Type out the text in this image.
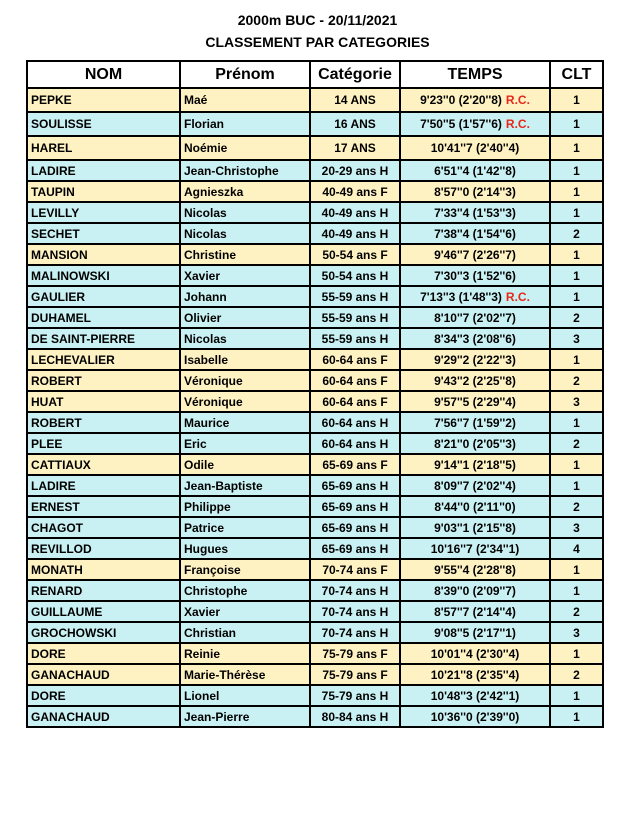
2000m BUC - 20/11/2021
CLASSEMENT PAR CATEGORIES
NOM	Prénom	Catégorie	TEMPS	CLT
PEPKE	Maé	14 ANS	9'23''0 (2'20''8) R.C.	1
SOULISSE	Florian	16 ANS	7'50''5 (1'57''6) R.C.	1
HAREL	Noémie	17 ANS	10'41''7 (2'40''4)	1
LADIRE	Jean-Christophe	20-29 ans H	6'51''4 (1'42''8)	1
TAUPIN	Agnieszka	40-49 ans F	8'57''0 (2'14''3)	1
LEVILLY	Nicolas	40-49 ans H	7'33''4 (1'53''3)	1
SECHET	Nicolas	40-49 ans H	7'38''4 (1'54''6)	2
MANSION	Christine	50-54 ans F	9'46''7 (2'26''7)	1
MALINOWSKI	Xavier	50-54 ans H	7'30''3 (1'52''6)	1
GAULIER	Johann	55-59 ans H	7'13''3 (1'48''3) R.C.	1
DUHAMEL	Olivier	55-59 ans H	8'10''7 (2'02''7)	2
DE SAINT-PIERRE	Nicolas	55-59 ans H	8'34''3 (2'08''6)	3
LECHEVALIER	Isabelle	60-64 ans F	9'29''2 (2'22''3)	1
ROBERT	Véronique	60-64 ans F	9'43''2 (2'25''8)	2
HUAT	Véronique	60-64 ans F	9'57''5 (2'29''4)	3
ROBERT	Maurice	60-64 ans H	7'56''7 (1'59''2)	1
PLEE	Eric	60-64 ans H	8'21''0 (2'05''3)	2
CATTIAUX	Odile	65-69 ans F	9'14''1 (2'18''5)	1
LADIRE	Jean-Baptiste	65-69 ans H	8'09''7 (2'02''4)	1
ERNEST	Philippe	65-69 ans H	8'44''0 (2'11''0)	2
CHAGOT	Patrice	65-69 ans H	9'03''1 (2'15''8)	3
REVILLOD	Hugues	65-69 ans H	10'16''7 (2'34''1)	4
MONATH	Françoise	70-74 ans F	9'55''4 (2'28''8)	1
RENARD	Christophe	70-74 ans H	8'39''0 (2'09''7)	1
GUILLAUME	Xavier	70-74 ans H	8'57''7 (2'14''4)	2
GROCHOWSKI	Christian	70-74 ans H	9'08''5 (2'17''1)	3
DORE	Reinie	75-79 ans F	10'01''4 (2'30''4)	1
GANACHAUD	Marie-Thérèse	75-79 ans F	10'21''8 (2'35''4)	2
DORE	Lionel	75-79 ans H	10'48''3 (2'42''1)	1
GANACHAUD	Jean-Pierre	80-84 ans H	10'36''0 (2'39''0)	1
